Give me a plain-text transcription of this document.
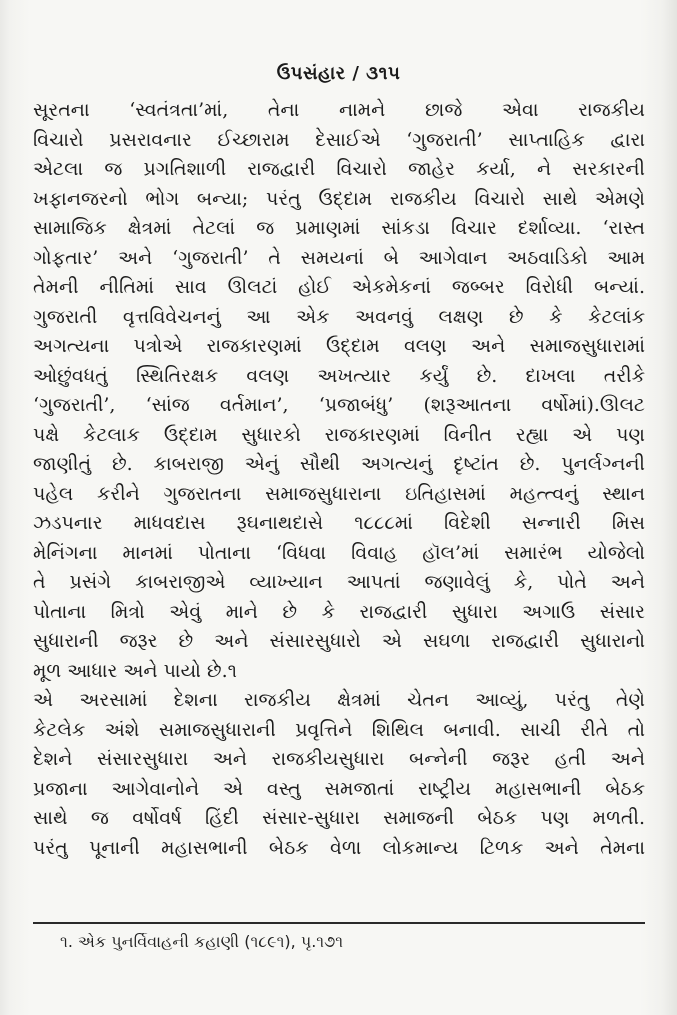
ઉપસંહાર / ૩૧૫
સૂરતના ‘સ્વતંત્રતા’માં, તેના નામને છાજે એવા રાજકીય
વિચારો પ્રસરાવનાર ઈચ્છારામ દેસાઈએ ‘ગુજરાતી’ સાપ્તાહિક દ્વારા
એટલા જ પ્રગતિશાળી રાજદ્વારી વિચારો જાહેર કર્યા, ને સરકારની
ખફાનજરનો ભોગ બન્યા; પરંતુ ઉદ્દામ રાજકીય વિચારો સાથે એમણે
સામાજિક ક્ષેત્રમાં તેટલાં જ પ્રમાણમાં સાંકડા વિચાર દર્શાવ્યા. ‘રાસ્ત
ગોફતાર’ અને ‘ગુજરાતી’ તે સમયનાં બે આગેવાન અઠવાડિકો આમ
તેમની નીતિમાં સાવ ઊલટાં હોઈ એકમેકનાં જબ્બર વિરોધી બન્યાં.
ગુજરાતી વૃત્તવિવેચનનું આ એક અવનવું લક્ષણ છે કે કેટલાંક
અગત્યના પત્રોએ રાજકારણમાં ઉદ્દામ વલણ અને સમાજસુધારામાં
ઓછુંવધતું સ્થિતિરક્ષક વલણ અખત્યાર કર્યું છે. દાખલા તરીકે
‘ગુજરાતી’, ‘સાંજ વર્તમાન’, ‘પ્રજાબંધુ’ (શરૂઆતના વર્ષોમાં).ઊલટ
પક્ષે કેટલાક ઉદ્દામ સુધારકો રાજકારણમાં વિનીત રહ્યા એ પણ
જાણીતું છે. કાબરાજી એનું સૌથી અગત્યનું દૃષ્ટાંત છે. પુનર્લગ્નની
પહેલ કરીને ગુજરાતના સમાજસુધારાના ઇતિહાસમાં મહત્ત્વનું સ્થાન
ઝડપનાર માધવદાસ રૂઘનાથદાસે ૧૮૮૮માં વિદેશી સન્નારી મિસ
મેનિંગના માનમાં પોતાના ‘વિધવા વિવાહ હૉલ’માં સમારંભ યોજેલો
તે પ્રસંગે કાબરાજીએ વ્યાખ્યાન આપતાં જણાવેલું કે, પોતે અને
પોતાના મિત્રો એવું માને છે કે રાજદ્વારી સુધારા અગાઉ સંસાર
સુધારાની જરૂર છે અને સંસારસુધારો એ સઘળા રાજદ્વારી સુધારાનો
મૂળ આધાર અને પાયો છે.૧
એ અરસામાં દેશના રાજકીય ક્ષેત્રમાં ચેતન આવ્યું, પરંતુ તેણે
કેટલેક અંશે સમાજસુધારાની પ્રવૃત્તિને શિથિલ બનાવી. સાચી રીતે તો
દેશને સંસારસુધારા અને રાજકીયસુધારા બન્નેની જરૂર હતી અને
પ્રજાના આગેવાનોને એ વસ્તુ સમજાતાં રાષ્ટ્રીય મહાસભાની બેઠક
સાથે જ વર્ષોવર્ષ હિંદી સંસાર-સુધારા સમાજની બેઠક પણ મળતી.
પરંતુ પૂનાની મહાસભાની બેઠક વેળા લોકમાન્ય ટિળક અને તેમના
૧. એક પુનર્વિવાહની કહાણી (૧૮૯૧), પૃ.૧૭૧
